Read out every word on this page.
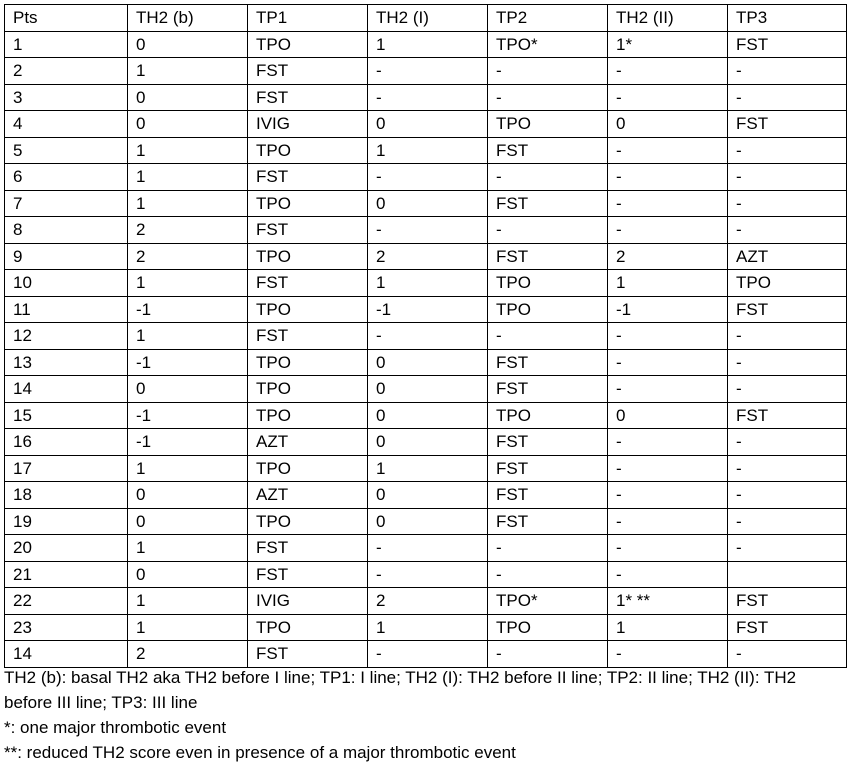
Pts	TH2 (b)	TP1	TH2 (I)	TP2	TH2 (II)	TP3
1	0	TPO	1	TPO*	1*	FST
2	1	FST	-	-	-	-
3	0	FST	-	-	-	-
4	0	IVIG	0	TPO	0	FST
5	1	TPO	1	FST	-	-
6	1	FST	-	-	-	-
7	1	TPO	0	FST	-	-
8	2	FST	-	-	-	-
9	2	TPO	2	FST	2	AZT
10	1	FST	1	TPO	1	TPO
11	-1	TPO	-1	TPO	-1	FST
12	1	FST	-	-	-	-
13	-1	TPO	0	FST	-	-
14	0	TPO	0	FST	-	-
15	-1	TPO	0	TPO	0	FST
16	-1	AZT	0	FST	-	-
17	1	TPO	1	FST	-	-
18	0	AZT	0	FST	-	-
19	0	TPO	0	FST	-	-
20	1	FST	-	-	-	-
21	0	FST	-	-	-	
22	1	IVIG	2	TPO*	1* **	FST
23	1	TPO	1	TPO	1	FST
14	2	FST	-	-	-	-

TH2 (b): basal TH2 aka TH2 before I line; TP1: I line; TH2 (I): TH2 before II line; TP2: II line; TH2 (II): TH2 before III line; TP3: III line

*: one major thrombotic event

**: reduced TH2 score even in presence of a major thrombotic event
